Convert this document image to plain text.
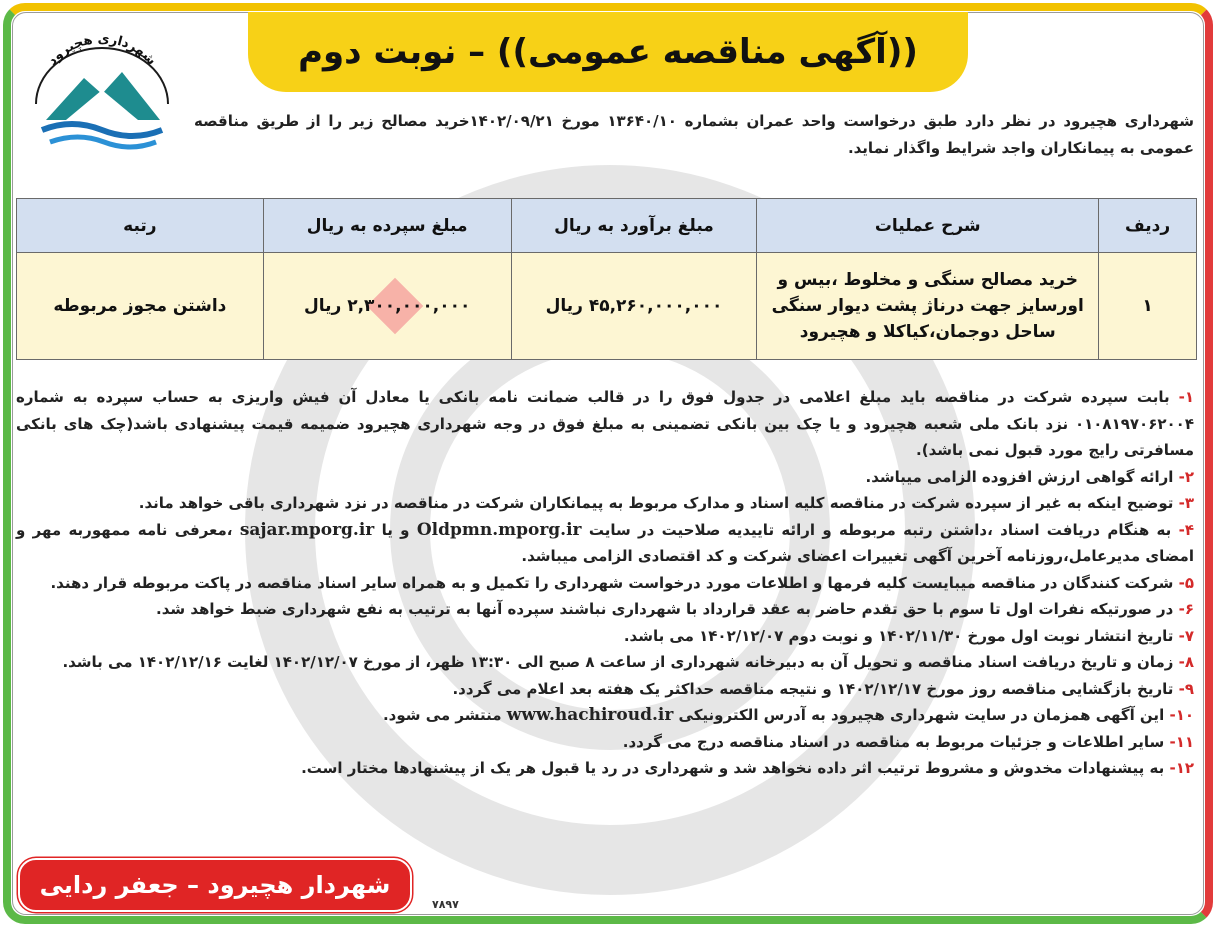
شهرداری هچیرود	((آگهی مناقصه عمومی)) – نوبت دوم

شهرداری هچیرود در نظر دارد طبق درخواست واحد عمران بشماره ۱۳۶۴۰/۱۰ مورخ ۱۴۰۲/۰۹/۲۱خرید مصالح زیر را از طریق مناقصه عمومی به پیمانکاران واجد شرایط واگذار نماید.

ردیف	شرح عملیات	مبلغ برآورد به ریال	مبلغ سپرده به ریال	رتبه
۱	خرید مصالح سنگی و مخلوط ،بیس و اورسایز جهت درناژ پشت دیوار سنگی ساحل دوجمان،کیاکلا و هچیرود	۴۵,۲۶۰,۰۰۰,۰۰۰ ریال	۲,۳۰۰,۰۰۰,۰۰۰ ریال	داشتن مجوز مربوطه
۱- بابت سپرده شرکت در مناقصه باید مبلغ اعلامی در جدول فوق را در قالب ضمانت نامه بانکی یا معادل آن فیش واریزی به حساب سپرده به شماره ۰۱۰۸۱۹۷۰۶۲۰۰۴ نزد بانک ملی شعبه هچیرود و یا چک بین بانکی تضمینی به مبلغ فوق در وجه شهرداری هچیرود ضمیمه قیمت پیشنهادی باشد(چک های بانکی مسافرتی رایج مورد قبول نمی باشد).
۲- ارائه گواهی ارزش افزوده الزامی میباشد.
۳- توضیح اینکه به غیر از سپرده شرکت در مناقصه کلیه اسناد و مدارک مربوط به پیمانکاران شرکت در مناقصه در نزد شهرداری باقی خواهد ماند.
۴- به هنگام دریافت اسناد ،داشتن رتبه مربوطه و ارائه تاییدیه صلاحیت در سایت Oldpmn.mporg.ir و یا sajar.mporg.ir ،معرفی نامه ممهوربه مهر و امضای مدیرعامل،روزنامه آخرین آگهی تغییرات اعضای شرکت و کد اقتصادی الزامی میباشد.
۵- شرکت کنندگان در مناقصه میبایست کلیه فرمها و اطلاعات مورد درخواست شهرداری را تکمیل و به همراه سایر اسناد مناقصه در پاکت مربوطه قرار دهند.
۶- در صورتیکه نفرات اول تا سوم با حق تقدم حاضر به عقد قرارداد با شهرداری نباشند سپرده آنها به ترتیب به نفع شهرداری ضبط خواهد شد.
۷- تاریخ انتشار نوبت اول مورخ ۱۴۰۲/۱۱/۳۰ و نوبت دوم ۱۴۰۲/۱۲/۰۷ می باشد.
۸- زمان و تاریخ دریافت اسناد مناقصه و تحویل آن به دبیرخانه شهرداری از ساعت ۸ صبح الی ۱۳:۳۰ ظهر، از مورخ ۱۴۰۲/۱۲/۰۷ لغایت ۱۴۰۲/۱۲/۱۶ می باشد.
۹- تاریخ بازگشایی مناقصه روز مورخ ۱۴۰۲/۱۲/۱۷ و نتیجه مناقصه حداکثر یک هفته بعد اعلام می گردد.
۱۰- این آگهی همزمان در سایت شهرداری هچیرود به آدرس الکترونیکی www.hachiroud.ir منتشر می شود.
۱۱- سایر اطلاعات و جزئیات مربوط به مناقصه در اسناد مناقصه درج می گردد.
۱۲- به پیشنهادات مخدوش و مشروط ترتیب اثر داده نخواهد شد و شهرداری در رد یا قبول هر یک از پیشنهادها مختار است.
شهردار هچیرود – جعفر ردایی
۷۸۹۷
